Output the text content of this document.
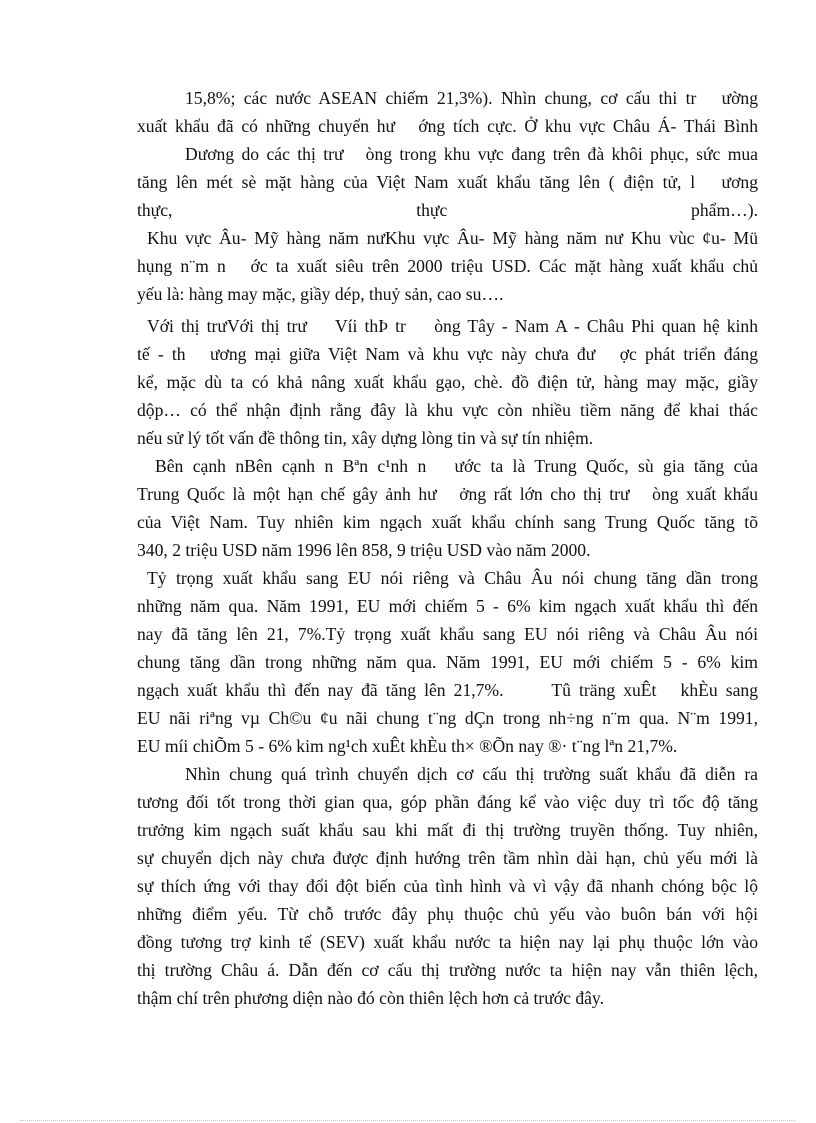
15,8%; các nước ASEAN chiếm 21,3%). Nhìn chung, cơ cấu thi tr   ường
xuất khẩu đã có những chuyển hư   ớng tích cực. Ở khu vực Châu Á- Thái Bình
Dương do các thị trư   òng trong khu vực đang trên đà khôi phục, sức mua
tăng lên mét sè mặt hàng của Việt Nam xuất khẩu tăng lên ( điện tử, l   ương
thực, thực phẩm…).
Khu vực Âu- Mỹ hàng năm nưKhu vực Âu- Mỹ hàng năm nư Khu vùc ¢u- Mü
hụng n¨m n   ớc ta xuất siêu trên 2000 triệu USD. Các mặt hàng xuất khẩu chủ
yếu là: hàng may mặc, giầy dép, thuỷ sản, cao su….
Với thị trưVới thị trư    Víi thÞ tr    òng Tây - Nam A - Châu Phi quan hệ kinh
tế - th   ương mại giữa Việt Nam và khu vực này chưa đư   ợc phát triển đáng
kể, mặc dù ta có khả nâng xuất khẩu gạo, chè. đồ điện tử, hàng may mặc, giầy
dộp… có thể nhận định rằng đây là khu vực còn nhiều tiềm năng để khai thác
nếu sử lý tốt vấn đề thông tin, xây dựng lòng tin và sự tín nhiệm.
Bên cạnh nBên cạnh n Bªn c¹nh n   ước ta là Trung Quốc, sù gia tăng của
Trung Quốc là một hạn chế gây ảnh hư   ởng rất lớn cho thị trư   òng xuất khẩu
của Việt Nam. Tuy nhiên kim ngạch xuất khẩu chính sang Trung Quốc tăng tõ
340, 2 triệu USD năm 1996 lên 858, 9 triệu USD vào năm 2000.
Tỷ trọng xuất khẩu sang EU nói riêng và Châu Âu nói chung tăng dần trong
những năm qua. Năm 1991, EU mới chiếm 5 - 6% kim ngạch xuất khẩu thì đến
nay đã tăng lên 21, 7%.Tỷ trọng xuất khẩu sang EU nói riêng và Châu Âu nói
chung tăng dần trong những năm qua. Năm 1991, EU mới chiếm 5 - 6% kim
ngạch xuất khẩu thì đến nay đã tăng lên 21,7%.      Tû träng xuÊt   khÈu sang
EU nãi riªng vµ Ch©u ¢u nãi chung t¨ng dÇn trong nh÷ng n¨m qua. N¨m 1991,
EU míi chiÕm 5 - 6% kim ng¹ch xuÊt khÈu th× ®Õn nay ®· t¨ng lªn 21,7%.
Nhìn chung quá trình chuyển dịch cơ cấu thị trường suất khẩu đã diễn ra
tương đối tốt trong thời gian qua, góp phần đáng kể vào việc duy trì tốc độ tăng
trưởng kim ngạch suất khẩu sau khi mất đi thị trường truyền thống. Tuy nhiên,
sự chuyển dịch này chưa được định hướng trên tầm nhìn dài hạn, chủ yếu mới là
sự thích ứng với thay đổi đột biến của tình hình và vì vậy đã nhanh chóng bộc lộ
những điểm yếu. Từ chỗ trước đây phụ thuộc chủ yếu vào buôn bán với hội
đồng tương trợ kinh tế (SEV) xuất khẩu nước ta hiện nay lại phụ thuộc lớn vào
thị trường Châu á. Dẫn đến cơ cấu thị trường nước ta hiện nay vẫn thiên lệch,
thậm chí trên phương diện nào đó còn thiên lệch hơn cả trước đây.
